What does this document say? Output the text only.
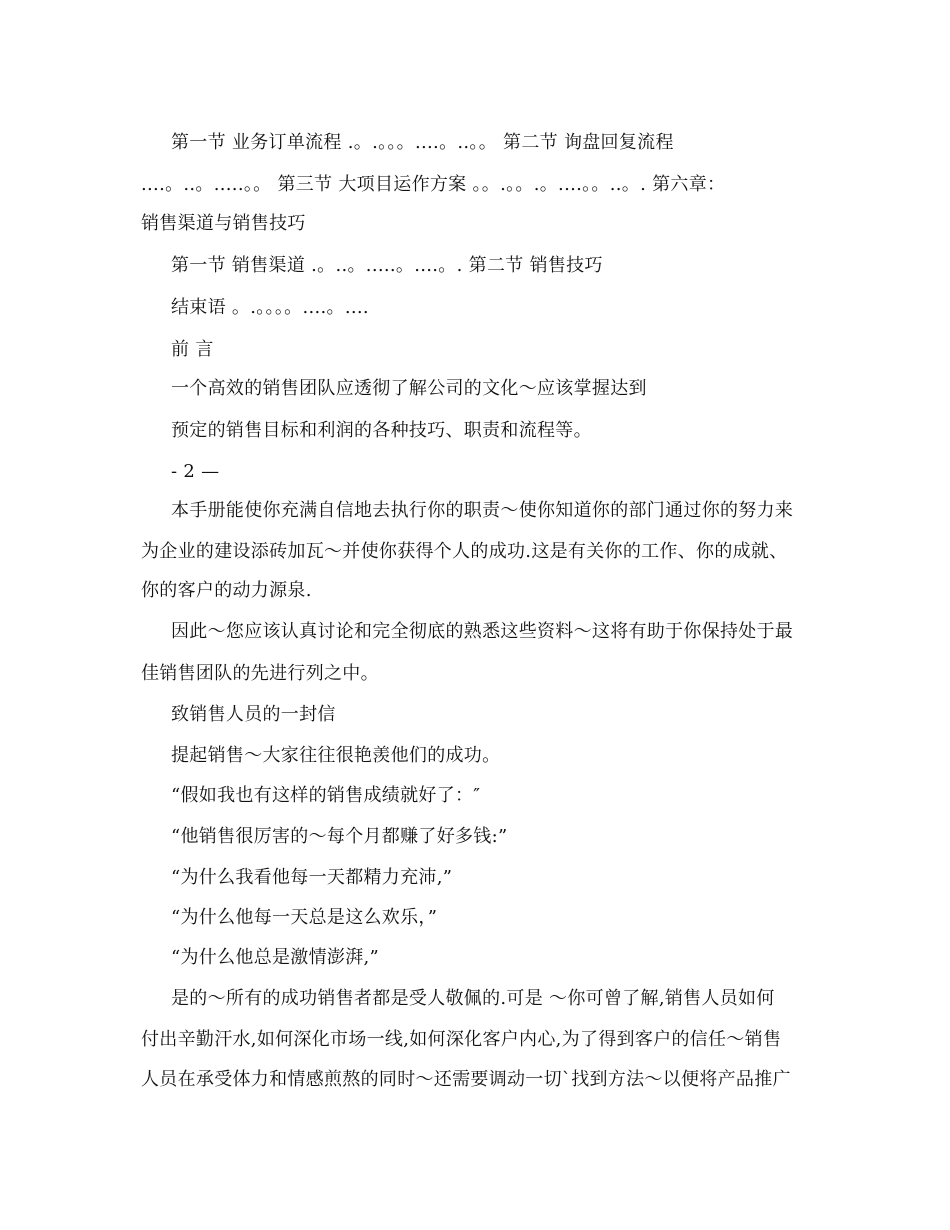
第一节 业务订单流程 .。.。。。....。..。。 第二节 询盘回复流程
....。..。.....。。 第三节 大项目运作方案 。。.。。.。....。。..。. 第六章：
销售渠道与销售技巧
第一节 销售渠道 .。..。.....。....。. 第二节 销售技巧
结束语 。.。。。。....。....
前 言
一个高效的销售团队应透彻了解公司的文化～应该掌握达到
预定的销售目标和利润的各种技巧、职责和流程等。
- 2 —
本手册能使你充满自信地去执行你的职责～使你知道你的部门通过你的努力来
为企业的建设添砖加瓦～并使你获得个人的成功.这是有关你的工作、你的成就、
你的客户的动力源泉.
因此～您应该认真讨论和完全彻底的熟悉这些资料～这将有助于你保持处于最
佳销售团队的先进行列之中。
致销售人员的一封信
提起销售～大家往往很艳羡他们的成功。
“假如我也有这样的销售成绩就好了：″
“他销售很厉害的～每个月都赚了好多钱:”
“为什么我看他每一天都精力充沛,”
“为什么他每一天总是这么欢乐，”
“为什么他总是激情澎湃,”
是的～所有的成功销售者都是受人敬佩的.可是 ～你可曾了解,销售人员如何
付出辛勤汗水,如何深化市场一线,如何深化客户内心,为了得到客户的信任～销售
人员在承受体力和情感煎熬的同时～还需要调动一切`找到方法～以便将产品推广
